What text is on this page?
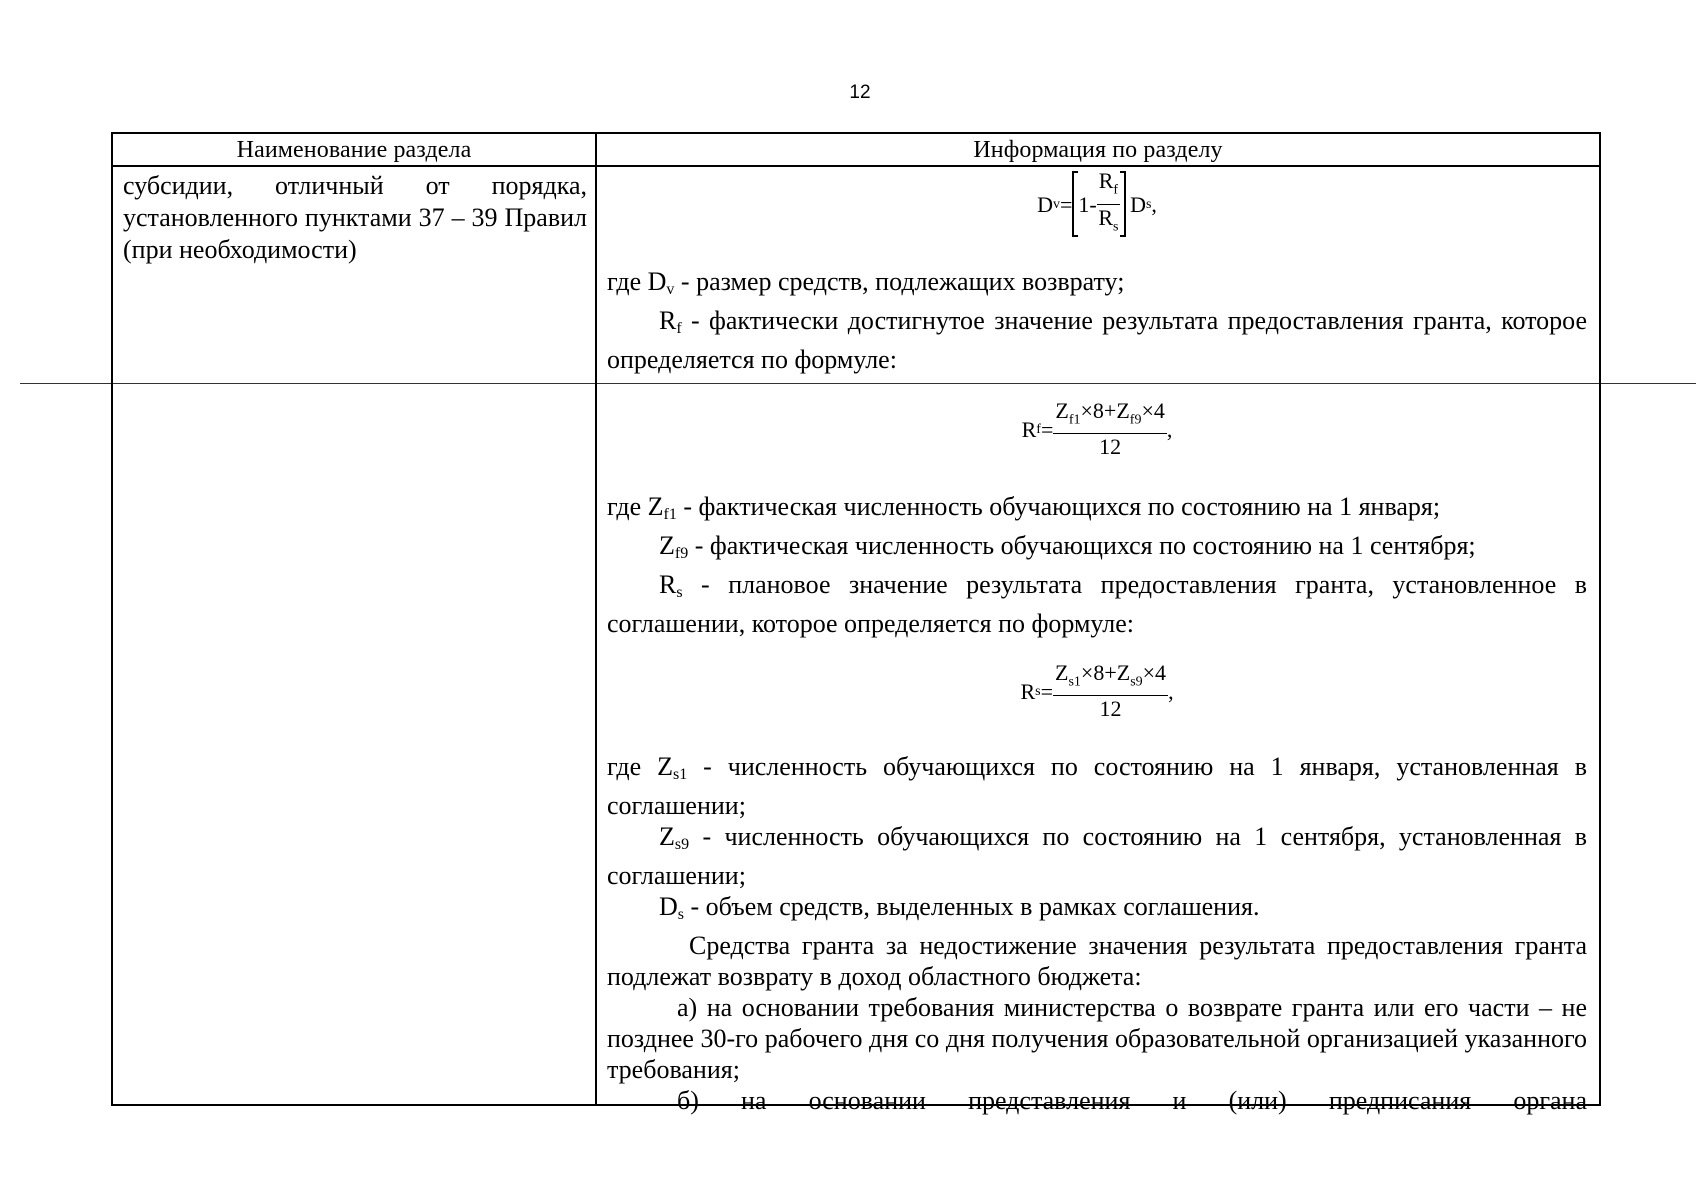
12
Наименование раздела	Информация по разделу
субсидии, отличный от порядка, установленного пунктами 37 – 39 Правил (при необходимости)
D $v = 1- \frac{R_f}{R_s}$ D s ,

где $D_v$ - размер средств, подлежащих возврату;

$R_f$ - фактически достигнутое значение результата предоставления гранта, которое определяется по формуле:

R $f = \frac{Z_{f1}\times 8+Z_{f9}\times 4}{12}$ ,

где $Z_{f1}$ - фактическая численность обучающихся по состоянию на 1 января;

$Z_{f9}$ - фактическая численность обучающихся по состоянию на 1 сентября;

$R_s$ - плановое значение результата предоставления гранта, установленное в соглашении, которое определяется по формуле:

R $s = \frac{Z_{s1}\times 8+Z_{s9}\times 4}{12}$ ,

где $Z_{s1}$ - численность обучающихся по состоянию на 1 января, установленная в соглашении;

$Z_{s9}$ - численность обучающихся по состоянию на 1 сентября, установленная в соглашении;

$D_s$ - объем средств, выделенных в рамках соглашения.

Средства гранта за недостижение значения результата предоставления гранта подлежат возврату в доход областного бюджета:

а) на основании требования министерства о возврате гранта или его части – не позднее 30-го рабочего дня со дня получения образовательной организацией указанного требования;

б) на основании представления и (или) предписания органа
